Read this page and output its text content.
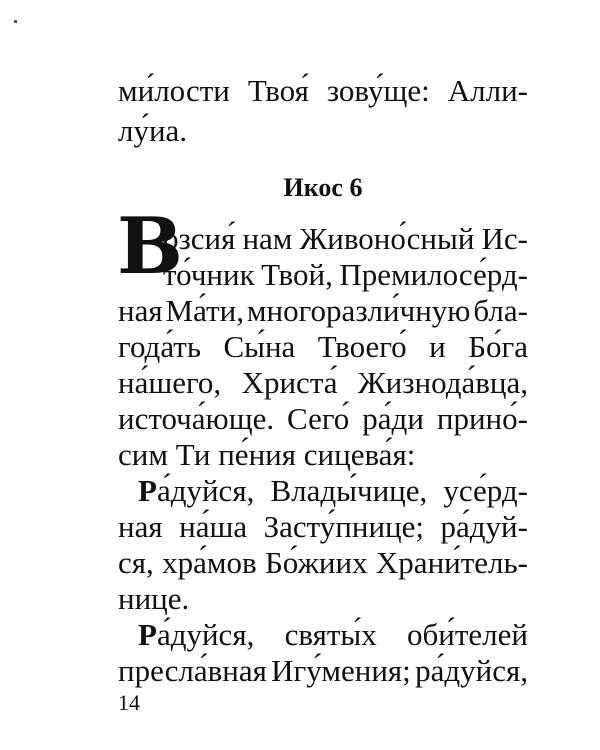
ми́лости Твоя́ зову́ще: Алли-
лу́иа.
Икос 6
В
озсия́ нам Живоно́сный Ис-
то́чник Твой, Премилосе́рд-
ная Ма́ти, многоразли́чную бла-
года́ть Сы́на Твоего́ и Бо́га
на́шего, Христа́ Жизнода́вца,
источа́юще. Сего́ ра́ди прино́-
сим Ти пе́ния сицева́я:
Ра́дуйся, Влады́чице, усе́рд-
ная на́ша Засту́пнице; ра́дуй-
ся, хра́мов Бо́жиих Храни́тель-
нице.
Ра́дуйся, святы́х оби́телей
пресла́вная Игу́мения; ра́дуйся,
14
